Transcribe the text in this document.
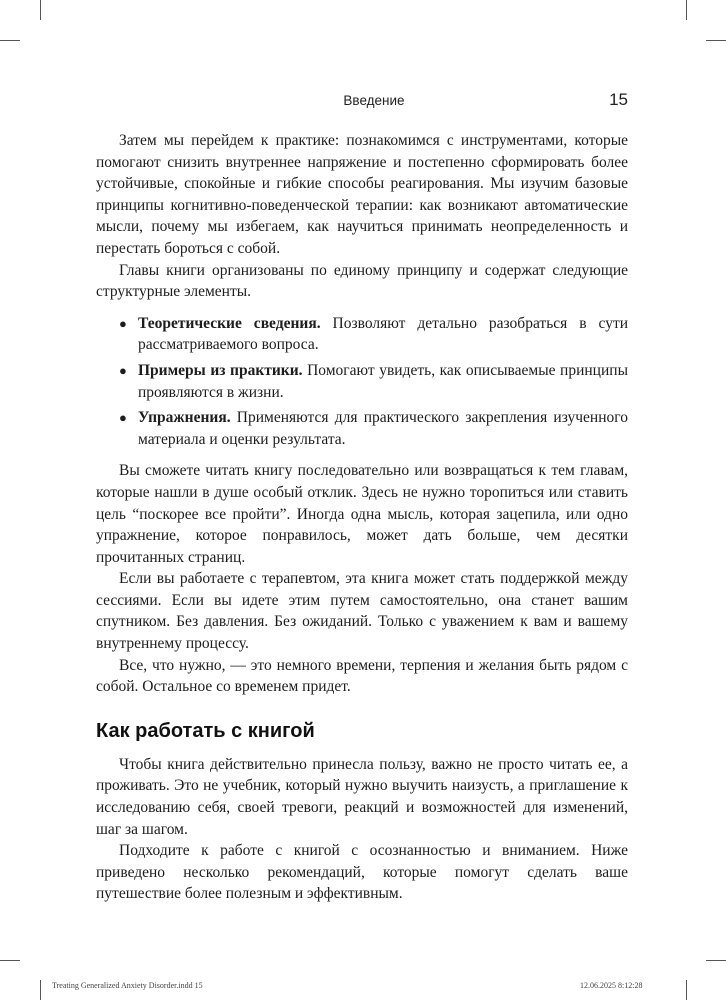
Введение	15

Затем мы перейдем к практике: познакомимся с инструментами, которые помогают снизить внутреннее напряжение и постепенно сформировать более устойчивые, спокойные и гибкие способы реагирования. Мы изучим базовые принципы когнитивно-поведенческой терапии: как возникают автоматические мысли, почему мы избегаем, как научиться принимать неопределенность и перестать бороться с собой.

Главы книги организованы по единому принципу и содержат следующие структурные элементы.

● Теоретические сведения. Позволяют детально разобраться в сути рассматриваемого вопроса.
● Примеры из практики. Помогают увидеть, как описываемые принципы проявляются в жизни.
● Упражнения. Применяются для практического закрепления изученного материала и оценки результата.

Вы сможете читать книгу последовательно или возвращаться к тем главам, которые нашли в душе особый отклик. Здесь не нужно торопиться или ставить цель “поскорее все пройти”. Иногда одна мысль, которая зацепила, или одно упражнение, которое понравилось, может дать больше, чем десятки прочитанных страниц.

Если вы работаете с терапевтом, эта книга может стать поддержкой между сессиями. Если вы идете этим путем самостоятельно, она станет вашим спутником. Без давления. Без ожиданий. Только с уважением к вам и вашему внутреннему процессу.

Все, что нужно, — это немного времени, терпения и желания быть рядом с собой. Остальное со временем придет.

Как работать с книгой

Чтобы книга действительно принесла пользу, важно не просто читать ее, а проживать. Это не учебник, который нужно выучить наизусть, а приглашение к исследованию себя, своей тревоги, реакций и возможностей для изменений, шаг за шагом.

Подходите к работе с книгой с осознанностью и вниманием. Ниже приведено несколько рекомендаций, которые помогут сделать ваше путешествие более полезным и эффективным.

Treating Generalized Anxiety Disorder.indd 15	12.06.2025 8:12:28
